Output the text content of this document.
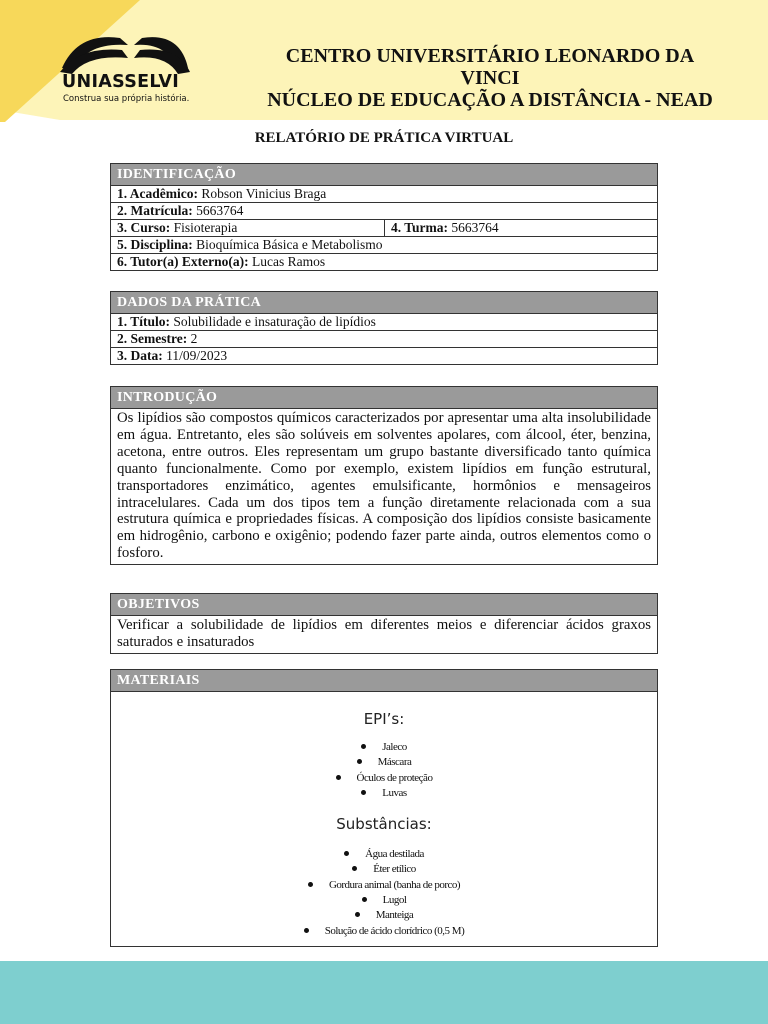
UNIASSELVI
Construa sua própria história.
CENTRO UNIVERSITÁRIO LEONARDO DA
VINCI
NÚCLEO DE EDUCAÇÃO A DISTÂNCIA - NEAD
RELATÓRIO DE PRÁTICA VIRTUAL
IDENTIFICAÇÃO
1. Acadêmico: Robson Vinicius Braga
2. Matrícula: 5663764
3. Curso: Fisioterapia	4. Turma: 5663764
5. Disciplina: Bioquímica Básica e Metabolismo
6. Tutor(a) Externo(a): Lucas Ramos
DADOS DA PRÁTICA
1. Título: Solubilidade e insaturação de lipídios
2. Semestre: 2
3. Data: 11/09/2023
INTRODUÇÃO
Os lipídios são compostos químicos caracterizados por apresentar uma alta insolubilidade em água. Entretanto, eles são solúveis em solventes apolares, com álcool, éter, benzina, acetona, entre outros. Eles representam um grupo bastante diversificado tanto química quanto funcionalmente. Como por exemplo, existem lipídios em função estrutural, transportadores enzimático, agentes emulsificante, hormônios e mensageiros intracelulares. Cada um dos tipos tem a função diretamente relacionada com a sua estrutura química e propriedades físicas. A composição dos lipídios consiste basicamente em hidrogênio, carbono e oxigênio; podendo fazer parte ainda, outros elementos como o fosforo.
OBJETIVOS
Verificar a solubilidade de lipídios em diferentes meios e diferenciar ácidos graxos saturados e insaturados
MATERIAIS
EPI’s:
Jaleco
Máscara
Óculos de proteção
Luvas
Substâncias:
Água destilada
Éter etílico
Gordura animal (banha de porco)
Lugol
Manteiga
Solução de ácido clorídrico (0,5 M)
